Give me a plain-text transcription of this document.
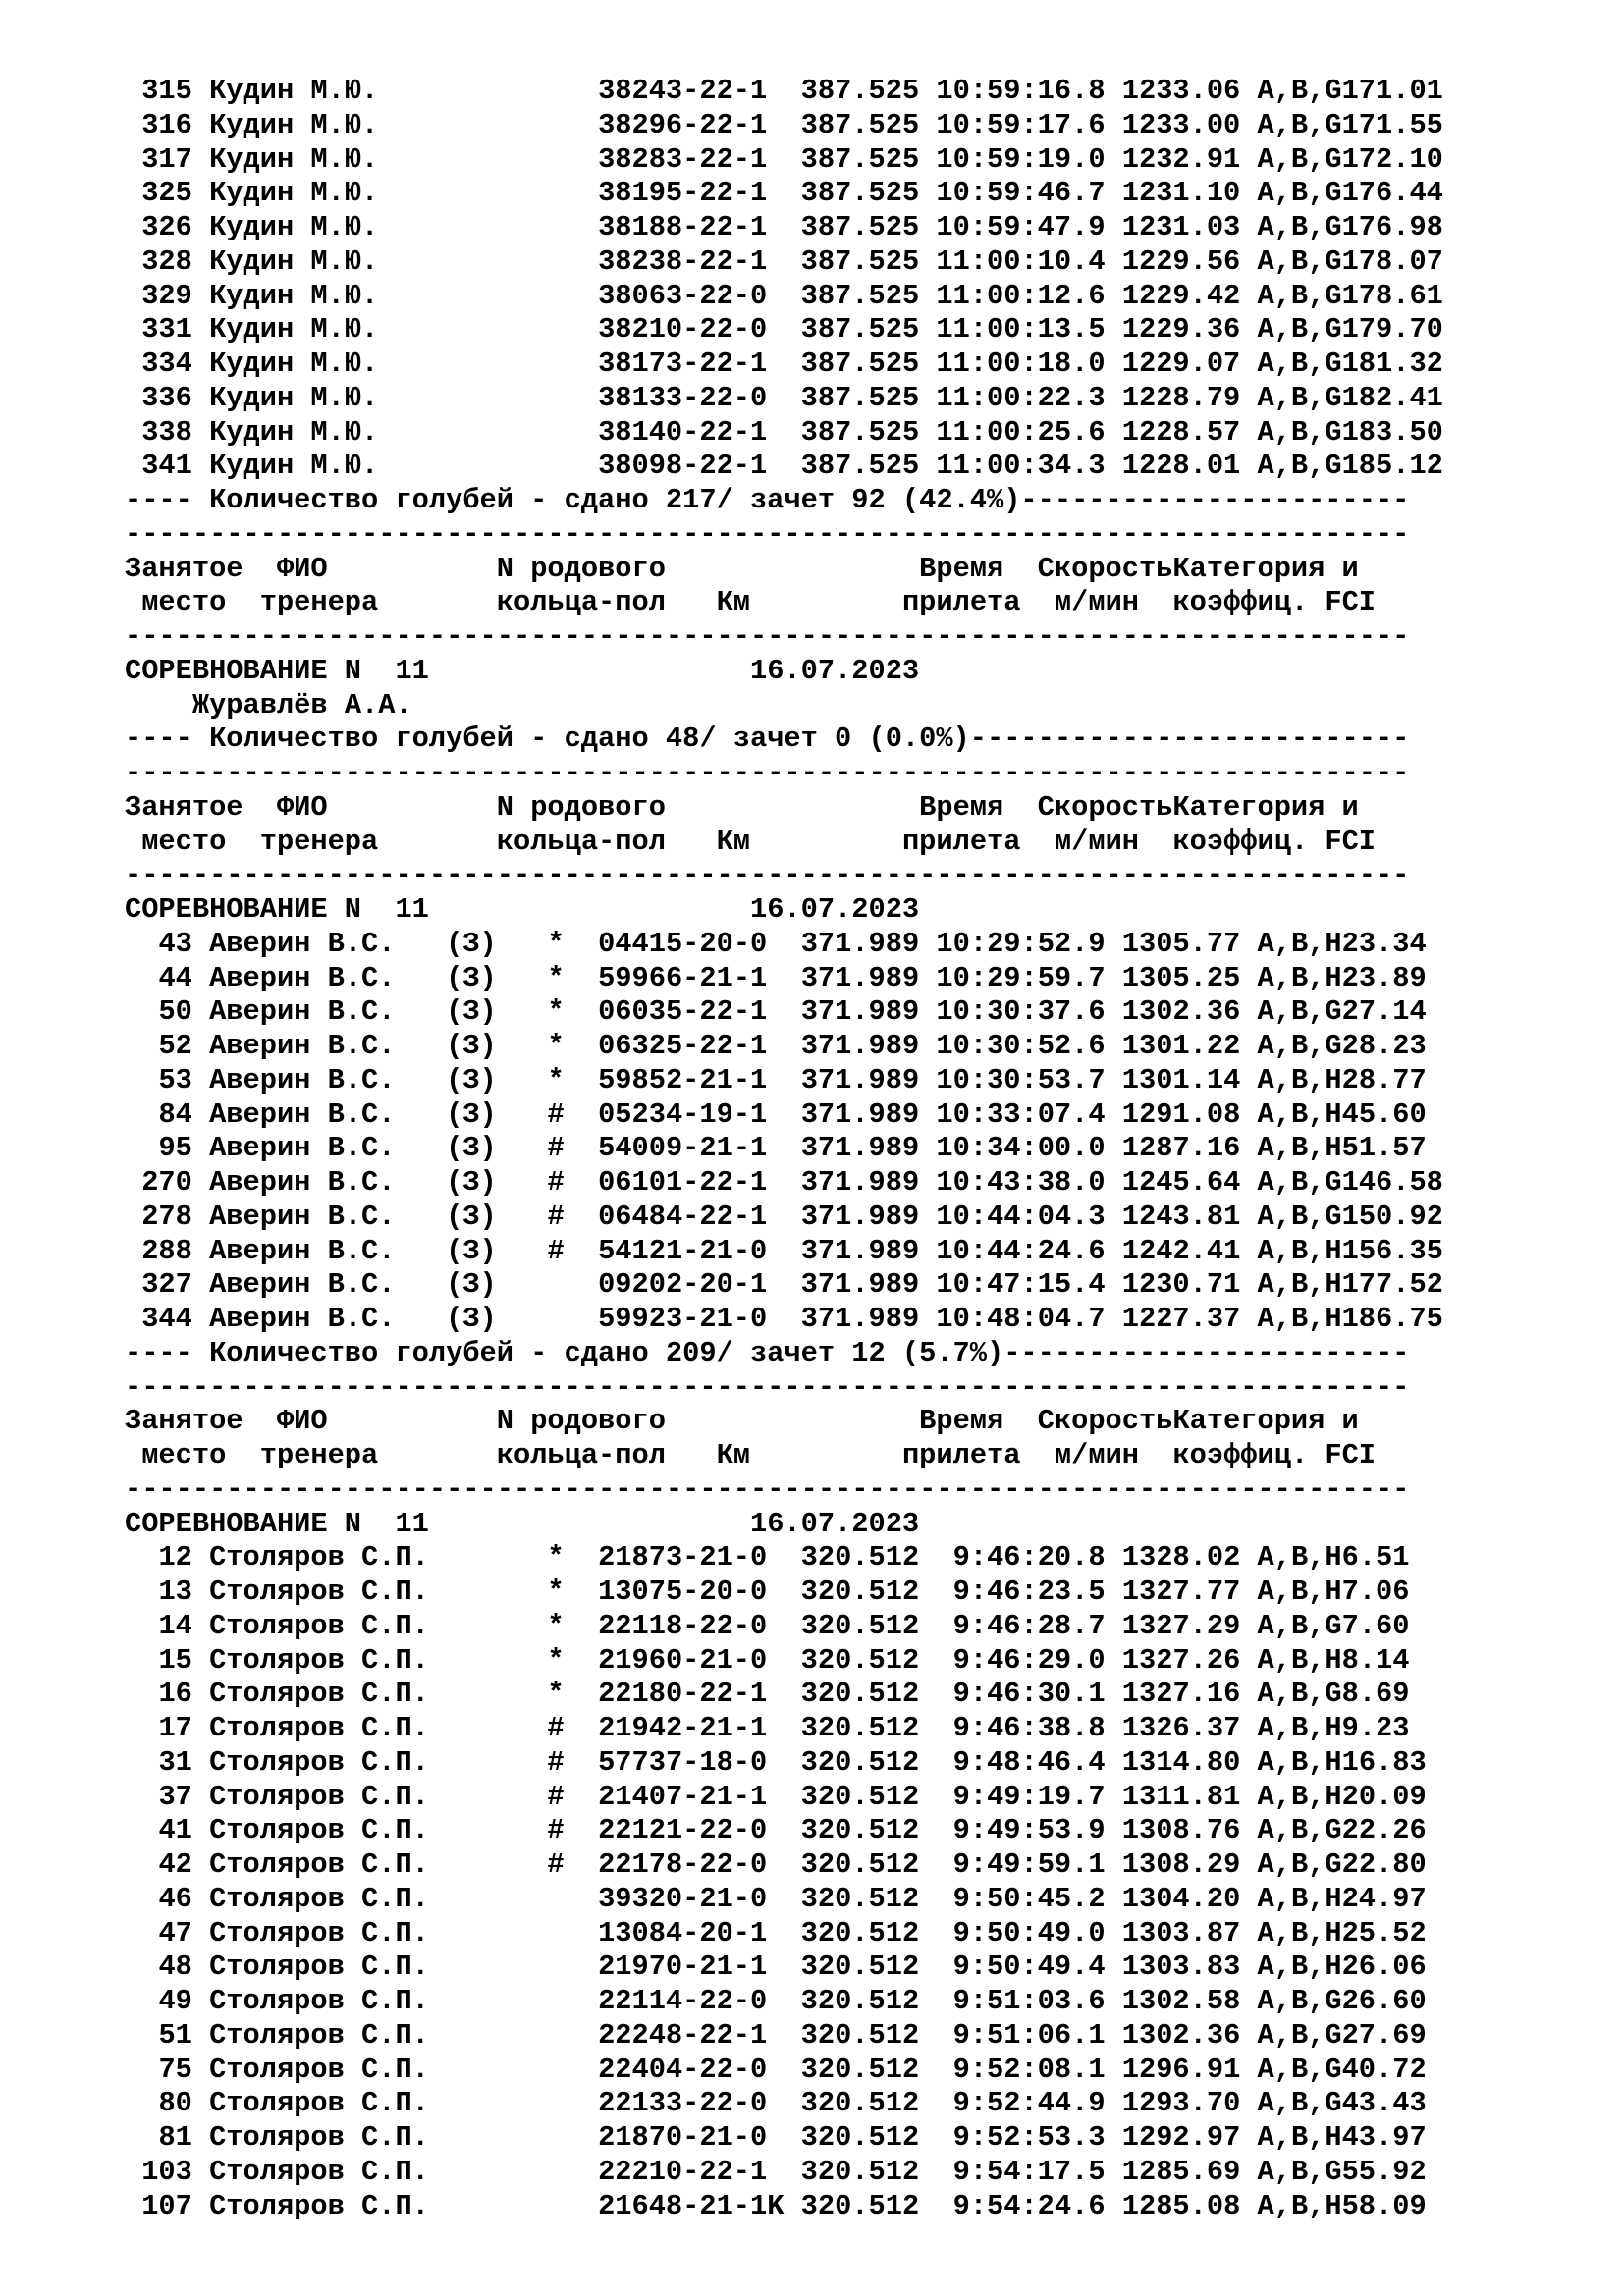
315 Кудин М.Ю.	38243-22-1 387.525 10:59:16.8 1233.06 A,B,G171.01
316 Кудин М.Ю.	38296-22-1 387.525 10:59:17.6 1233.00 A,B,G171.55
317 Кудин М.Ю.	38283-22-1 387.525 10:59:19.0 1232.91 A,B,G172.10
325 Кудин М.Ю.	38195-22-1 387.525 10:59:46.7 1231.10 A,B,G176.44
326 Кудин М.Ю.	38188-22-1 387.525 10:59:47.9 1231.03 A,B,G176.98
328 Кудин М.Ю.	38238-22-1 387.525 11:00:10.4 1229.56 A,B,G178.07
329 Кудин М.Ю.	38063-22-0 387.525 11:00:12.6 1229.42 A,B,G178.61
331 Кудин М.Ю.	38210-22-0 387.525 11:00:13.5 1229.36 A,B,G179.70
334 Кудин М.Ю.	38173-22-1 387.525 11:00:18.0 1229.07 A,B,G181.32
336 Кудин М.Ю.	38133-22-0 387.525 11:00:22.3 1228.79 A,B,G182.41
338 Кудин М.Ю.	38140-22-1 387.525 11:00:25.6 1228.57 A,B,G183.50
341 Кудин М.Ю.	38098-22-1 387.525 11:00:34.3 1228.01 A,B,G185.12
---- Количество голубей - сдано 217/ зачет 92 (42.4%)-----------------------
----------------------------------------------------------------------------
Занятое ФИО	N родового	Время СкоростьКатегория и
место тренера	кольца-пол Км	прилета м/мин коэффиц. FCI
----------------------------------------------------------------------------
СОРЕВНОВАНИЕ N  11	16.07.2023
Журавлёв А.А.
---- Количество голубей - сдано 48/ зачет 0 (0.0%)--------------------------
----------------------------------------------------------------------------
Занятое ФИО	N родового	Время СкоростьКатегория и
место тренера	кольца-пол Км	прилета м/мин коэффиц. FCI
----------------------------------------------------------------------------
СОРЕВНОВАНИЕ N  11	16.07.2023
43 Аверин В.С. (З) * 04415-20-0 371.989 10:29:52.9 1305.77 A,B,H23.34
44 Аверин В.С. (З) * 59966-21-1 371.989 10:29:59.7 1305.25 A,B,H23.89
50 Аверин В.С. (З) * 06035-22-1 371.989 10:30:37.6 1302.36 A,B,G27.14
52 Аверин В.С. (З) * 06325-22-1 371.989 10:30:52.6 1301.22 A,B,G28.23
53 Аверин В.С. (З) * 59852-21-1 371.989 10:30:53.7 1301.14 A,B,H28.77
84 Аверин В.С. (З) # 05234-19-1 371.989 10:33:07.4 1291.08 A,B,H45.60
95 Аверин В.С. (З) # 54009-21-1 371.989 10:34:00.0 1287.16 A,B,H51.57
270 Аверин В.С. (З) # 06101-22-1 371.989 10:43:38.0 1245.64 A,B,G146.58
278 Аверин В.С. (З) # 06484-22-1 371.989 10:44:04.3 1243.81 A,B,G150.92
288 Аверин В.С. (З) # 54121-21-0 371.989 10:44:24.6 1242.41 A,B,H156.35
327 Аверин В.С. (З)	09202-20-1 371.989 10:47:15.4 1230.71 A,B,H177.52
344 Аверин В.С. (З)	59923-21-0 371.989 10:48:04.7 1227.37 A,B,H186.75
---- Количество голубей - сдано 209/ зачет 12 (5.7%)------------------------
----------------------------------------------------------------------------
Занятое ФИО	N родового	Время СкоростьКатегория и
место тренера	кольца-пол Км	прилета м/мин коэффиц. FCI
----------------------------------------------------------------------------
СОРЕВНОВАНИЕ N  11	16.07.2023
12 Столяров С.П.	* 21873-21-0 320.512 9:46:20.8 1328.02 A,B,H6.51
13 Столяров С.П.	* 13075-20-0 320.512 9:46:23.5 1327.77 A,B,H7.06
14 Столяров С.П.	* 22118-22-0 320.512 9:46:28.7 1327.29 A,B,G7.60
15 Столяров С.П.	* 21960-21-0 320.512 9:46:29.0 1327.26 A,B,H8.14
16 Столяров С.П.	* 22180-22-1 320.512 9:46:30.1 1327.16 A,B,G8.69
17 Столяров С.П.	# 21942-21-1 320.512 9:46:38.8 1326.37 A,B,H9.23
31 Столяров С.П.	# 57737-18-0 320.512 9:48:46.4 1314.80 A,B,H16.83
37 Столяров С.П.	# 21407-21-1 320.512 9:49:19.7 1311.81 A,B,H20.09
41 Столяров С.П.	# 22121-22-0 320.512 9:49:53.9 1308.76 A,B,G22.26
42 Столяров С.П.	# 22178-22-0 320.512 9:49:59.1 1308.29 A,B,G22.80
46 Столяров С.П.	39320-21-0 320.512 9:50:45.2 1304.20 A,B,H24.97
47 Столяров С.П.	13084-20-1 320.512 9:50:49.0 1303.87 A,B,H25.52
48 Столяров С.П.	21970-21-1 320.512 9:50:49.4 1303.83 A,B,H26.06
49 Столяров С.П.	22114-22-0 320.512 9:51:03.6 1302.58 A,B,G26.60
51 Столяров С.П.	22248-22-1 320.512 9:51:06.1 1302.36 A,B,G27.69
75 Столяров С.П.	22404-22-0 320.512 9:52:08.1 1296.91 A,B,G40.72
80 Столяров С.П.	22133-22-0 320.512 9:52:44.9 1293.70 A,B,G43.43
81 Столяров С.П.	21870-21-0 320.512 9:52:53.3 1292.97 A,B,H43.97
103 Столяров С.П.	22210-22-1 320.512 9:54:17.5 1285.69 A,B,G55.92
107 Столяров С.П.	21648-21-1K 320.512 9:54:24.6 1285.08 A,B,H58.09
